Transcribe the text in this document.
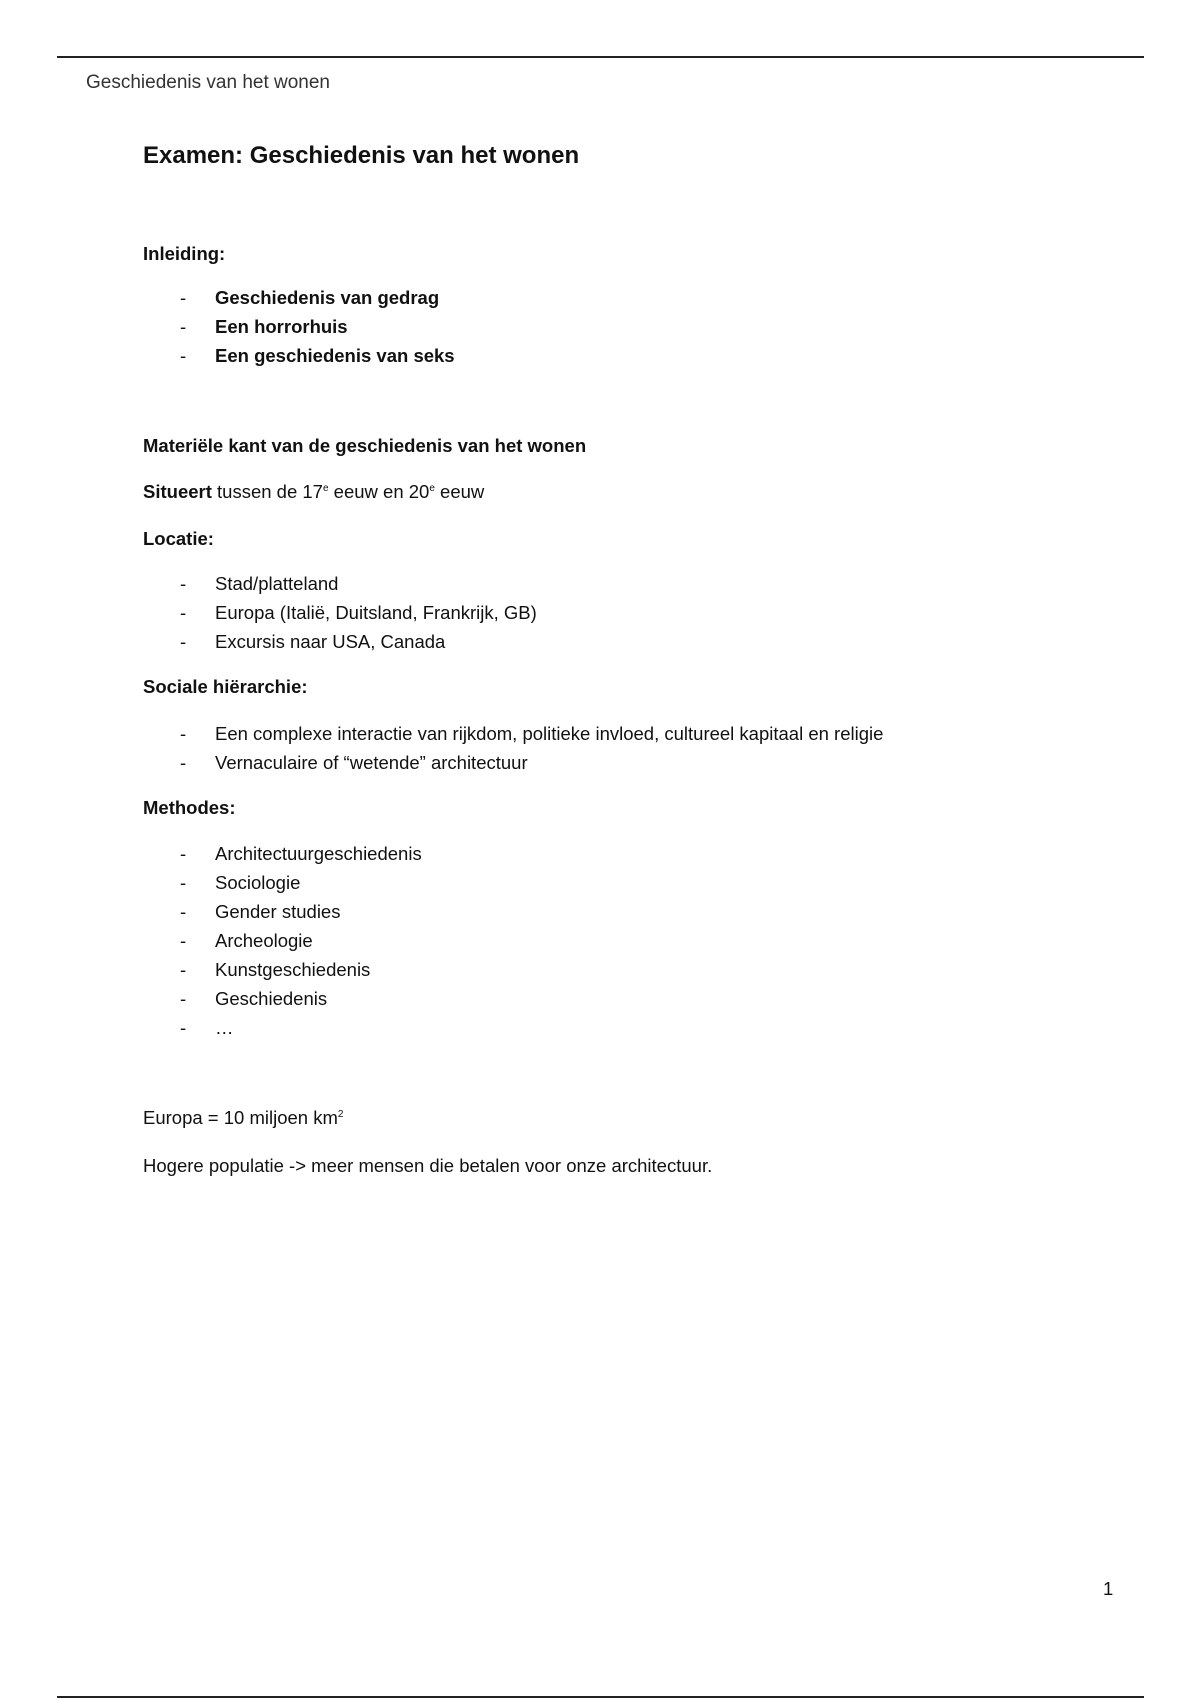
Geschiedenis van het wonen
Examen: Geschiedenis van het wonen
Inleiding:
- Geschiedenis van gedrag
- Een horrorhuis
- Een geschiedenis van seks
Materiële kant van de geschiedenis van het wonen
Situeert tussen de 17e eeuw en 20e eeuw
Locatie:
- Stad/platteland
- Europa (Italië, Duitsland, Frankrijk, GB)
- Excursis naar USA, Canada
Sociale hiërarchie:
- Een complexe interactie van rijkdom, politieke invloed, cultureel kapitaal en religie
- Vernaculaire of “wetende” architectuur
Methodes:
- Architectuurgeschiedenis
- Sociologie
- Gender studies
- Archeologie
- Kunstgeschiedenis
- Geschiedenis
- …
Europa = 10 miljoen $km^2$
Hogere populatie -> meer mensen die betalen voor onze architectuur.
1
